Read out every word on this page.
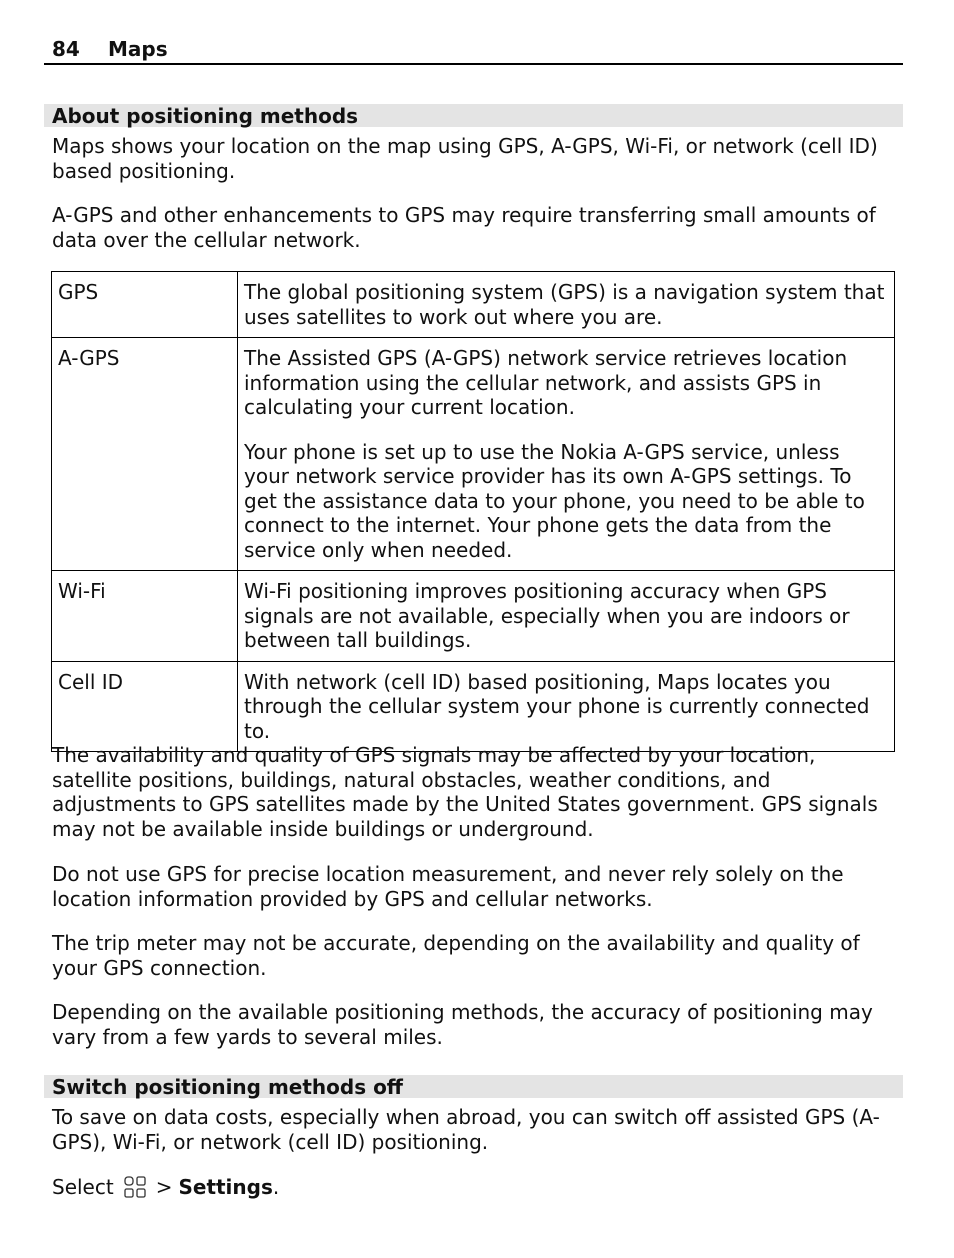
84 Maps
About positioning methods

Maps shows your location on the map using GPS, A-GPS, Wi-Fi, or network (cell ID) based positioning.

A-GPS and other enhancements to GPS may require transferring small amounts of data over the cellular network.

GPS	The global positioning system (GPS) is a navigation system that uses satellites to work out where you are.

A-GPS	The Assisted GPS (A-GPS) network service retrieves location information using the cellular network, and assists GPS in calculating your current location.

Your phone is set up to use the Nokia A-GPS service, unless your network service provider has its own A-GPS settings. To get the assistance data to your phone, you need to be able to connect to the internet. Your phone gets the data from the service only when needed.

Wi-Fi	Wi-Fi positioning improves positioning accuracy when GPS signals are not available, especially when you are indoors or between tall buildings.

Cell ID	With network (cell ID) based positioning, Maps locates you through the cellular system your phone is currently connected to.

The availability and quality of GPS signals may be affected by your location, satellite positions, buildings, natural obstacles, weather conditions, and adjustments to GPS satellites made by the United States government. GPS signals may not be available inside buildings or underground.

Do not use GPS for precise location measurement, and never rely solely on the location information provided by GPS and cellular networks.

The trip meter may not be accurate, depending on the availability and quality of your GPS connection.

Depending on the available positioning methods, the accuracy of positioning may vary from a few yards to several miles.

Switch positioning methods off

To save on data costs, especially when abroad, you can switch off assisted GPS (A-GPS), Wi-Fi, or network (cell ID) positioning.

Select > Settings .
